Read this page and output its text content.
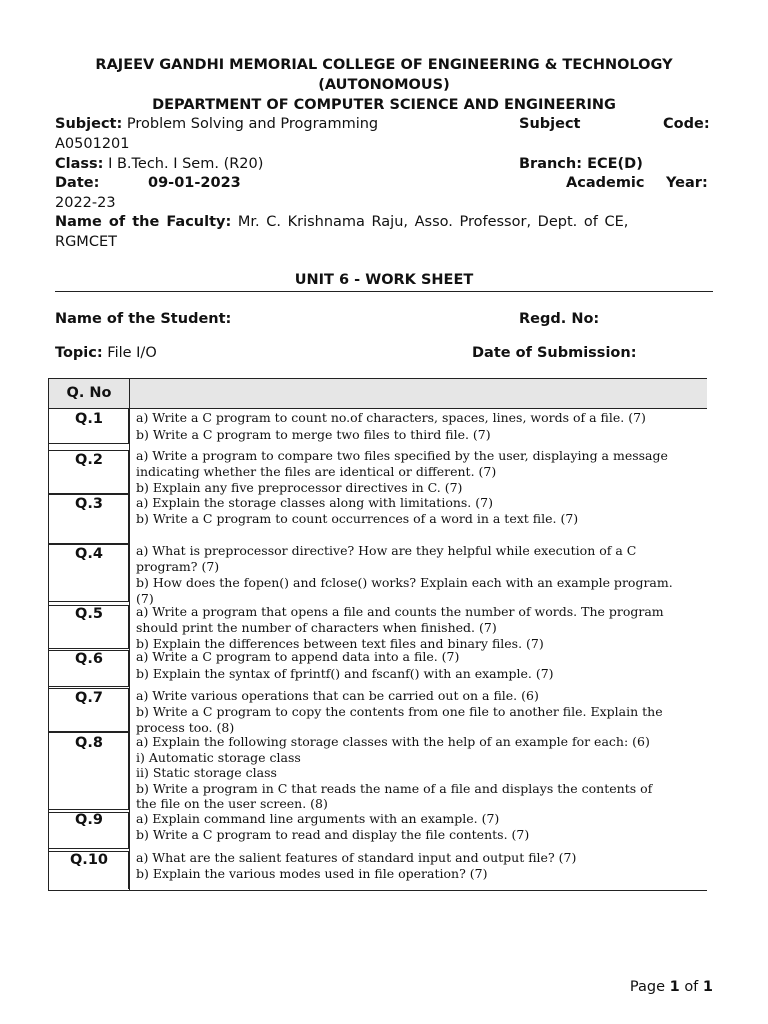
RAJEEV GANDHI MEMORIAL COLLEGE OF ENGINEERING & TECHNOLOGY
(AUTONOMOUS)
DEPARTMENT OF COMPUTER SCIENCE AND ENGINEERING
Subject: Problem Solving and Programming	Subject	Code:
A0501201
Class: I B.Tech. I Sem. (R20)	Branch: ECE(D)
Date:	09-01-2023	Academic Year:
2022-23
Name of the Faculty: Mr. C. Krishnama Raju, Asso. Professor, Dept. of CE,
RGMCET
UNIT 6 - WORK SHEET
Name of the Student:	Regd. No:
Topic: File I/O	Date of Submission:
Q. No
Q.1	a) Write a C program to count no.of characters, spaces, lines, words of a file. (7)
b) Write a C program to merge two files to third file. (7)
Q.2	a) Write a program to compare two files specified by the user, displaying a message
indicating whether the files are identical or different. (7)
b) Explain any five preprocessor directives in C. (7)
Q.3	a) Explain the storage classes along with limitations. (7)
b) Write a C program to count occurrences of a word in a text file. (7)
Q.4	a) What is preprocessor directive? How are they helpful while execution of a C
program? (7)
b) How does the fopen() and fclose() works? Explain each with an example program.
(7)
Q.5	a) Write a program that opens a file and counts the number of words. The program
should print the number of characters when finished. (7)
b) Explain the differences between text files and binary files. (7)
Q.6	a) Write a C program to append data into a file. (7)
b) Explain the syntax of fprintf() and fscanf() with an example. (7)
Q.7	a) Write various operations that can be carried out on a file. (6)
b) Write a C program to copy the contents from one file to another file. Explain the
process too. (8)
Q.8	a) Explain the following storage classes with the help of an example for each: (6)
i) Automatic storage class
ii) Static storage class
b) Write a program in C that reads the name of a file and displays the contents of
the file on the user screen. (8)
Q.9	a) Explain command line arguments with an example. (7)
b) Write a C program to read and display the file contents. (7)
Q.10	a) What are the salient features of standard input and output file? (7)
b) Explain the various modes used in file operation? (7)
Page 1 of 1
